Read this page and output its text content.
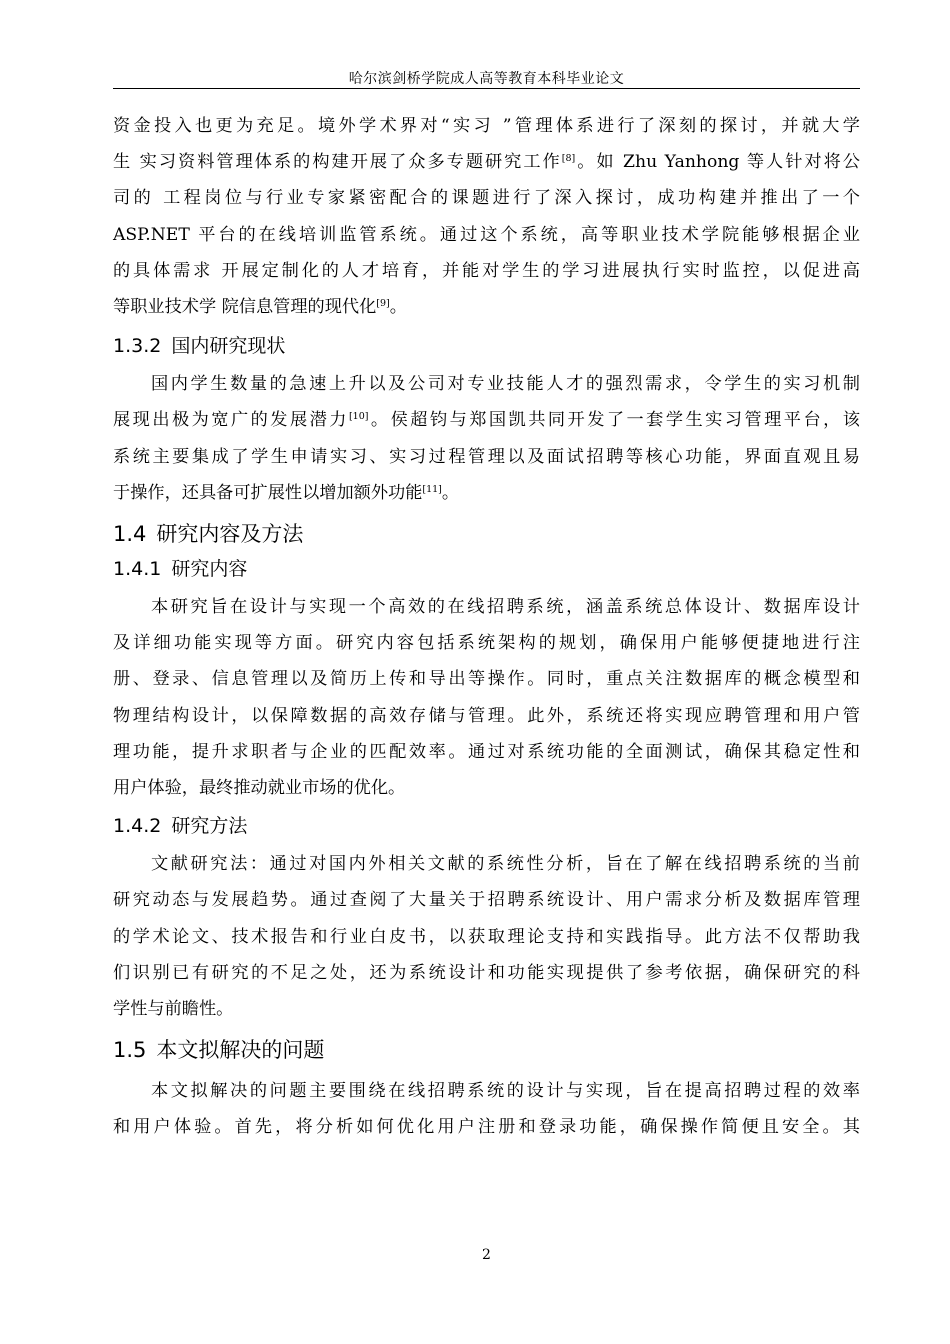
哈尔滨剑桥学院成人高等教育本科毕业论文

资金投入也更为充足。境外学术界对“实习 ”管理体系进行了深刻的探讨，并就大学
生 实习资料管理体系的构建开展了众多专题研究工作[8]。如 Zhu Yanhong 等人针对将公
司的 工程岗位与行业专家紧密配合的课题进行了深入探讨，成功构建并推出了一个
ASP.NET 平台的在线培训监管系统。通过这个系统，高等职业技术学院能够根据企业
的具体需求 开展定制化的人才培育，并能对学生的学习进展执行实时监控，以促进高
等职业技术学 院信息管理的现代化[9]。

1.3.2 国内研究现状

国内学生数量的急速上升以及公司对专业技能人才的强烈需求，令学生的实习机制
展现出极为宽广的发展潜力[10]。侯超钧与郑国凯共同开发了一套学生实习管理平台，该
系统主要集成了学生申请实习、实习过程管理以及面试招聘等核心功能，界面直观且易
于操作，还具备可扩展性以增加额外功能[11]。

1.4 研究内容及方法
1.4.1 研究内容

本研究旨在设计与实现一个高效的在线招聘系统，涵盖系统总体设计、数据库设计
及详细功能实现等方面。研究内容包括系统架构的规划，确保用户能够便捷地进行注
册、登录、信息管理以及简历上传和导出等操作。同时，重点关注数据库的概念模型和
物理结构设计，以保障数据的高效存储与管理。此外，系统还将实现应聘管理和用户管
理功能，提升求职者与企业的匹配效率。通过对系统功能的全面测试，确保其稳定性和
用户体验，最终推动就业市场的优化。

1.4.2 研究方法

文献研究法：通过对国内外相关文献的系统性分析，旨在了解在线招聘系统的当前
研究动态与发展趋势。通过查阅了大量关于招聘系统设计、用户需求分析及数据库管理
的学术论文、技术报告和行业白皮书，以获取理论支持和实践指导。此方法不仅帮助我
们识别已有研究的不足之处，还为系统设计和功能实现提供了参考依据，确保研究的科
学性与前瞻性。

1.5 本文拟解决的问题

本文拟解决的问题主要围绕在线招聘系统的设计与实现，旨在提高招聘过程的效率
和用户体验。首先，将分析如何优化用户注册和登录功能，确保操作简便且安全。其

2
